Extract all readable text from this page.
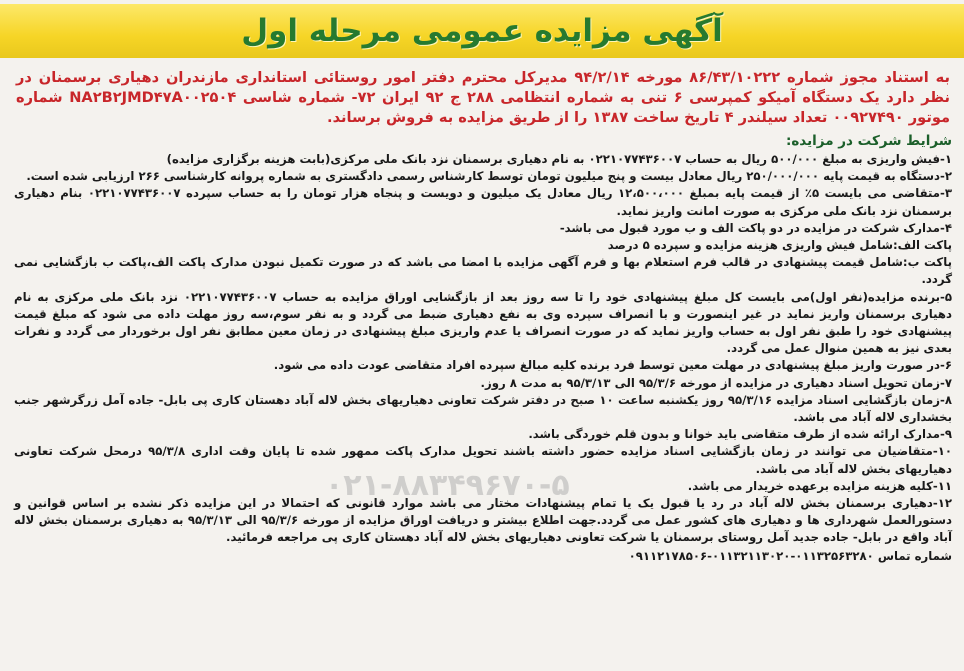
آگهی مزایده عمومی مرحله اول
به استناد مجوز شماره ۸۶/۴۳/۱۰۲۲۲ مورخه ۹۴/۲/۱۴ مدیرکل محترم دفتر امور روستائی استانداری مازندران دهیاری برسمنان در نظر دارد یک دستگاه آمیکو کمپرسی ۶ تنی به شماره انتظامی ۲۸۸ ج ۹۲ ایران ۷۲- شماره شاسی NA۲B۲JMD۴۷A۰۰۲۵۰۴ شماره موتور ۰۰۹۲۷۴۹۰ تعداد سیلندر ۴ تاریخ ساخت ۱۳۸۷ را از طریق مزایده به فروش برساند.
شرایط شرکت در مزایده:

۱-فیش واریزی به مبلغ ۵۰۰/۰۰۰ ریال به حساب ۰۲۲۱۰۷۷۴۳۶۰۰۷ به نام دهیاری برسمنان نزد بانک ملی مرکزی(بابت هزینه برگزاری مزایده)

۲-دستگاه به قیمت پایه ۲۵۰/۰۰۰/۰۰۰ ریال معادل بیست و پنج میلیون تومان توسط کارشناس رسمی دادگستری به شماره پروانه کارشناسی ۲۶۶ ارزیابی شده است.

۳-متقاضی می بایست ۵٪ از قیمت پایه بمبلغ ۱۲،۵۰۰،۰۰۰ ریال معادل یک میلیون و دویست و پنجاه هزار تومان را به حساب سپرده ۰۲۲۱۰۷۷۴۳۶۰۰۷ بنام دهیاری برسمنان نزد بانک ملی مرکزی به صورت امانت واریز نماید.

۴-مدارک شرکت در مزایده در دو پاکت الف و ب مورد قبول می باشد-

پاکت الف:شامل فیش واریزی هزینه مزایده و سپرده ۵ درصد

پاکت ب:شامل قیمت پیشنهادی در قالب فرم استعلام بها و فرم آگهی مزایده با امضا می باشد که در صورت تکمیل نبودن مدارک پاکت الف،پاکت ب بازگشایی نمی گردد.

۵-برنده مزایده(نفر اول)می بایست کل مبلغ پیشنهادی خود را تا سه روز بعد از بازگشایی اوراق مزایده به حساب ۰۲۲۱۰۷۷۴۳۶۰۰۷ نزد بانک ملی مرکزی به نام دهیاری برسمنان واریز نماید در غیر اینصورت و با انصراف سپرده وی به نفع دهیاری ضبط می گردد و به نفر سوم،سه روز مهلت داده می شود که مبلغ قیمت پیشنهادی خود را طبق نفر اول به حساب واریز نماید که در صورت انصراف یا عدم واریزی مبلغ پیشنهادی در زمان معین مطابق نفر اول برخوردار می گردد و نفرات بعدی نیز به همین منوال عمل می گردد.

۶-در صورت واریز مبلغ پیشنهادی در مهلت معین توسط فرد برنده کلیه مبالغ سپرده افراد متقاضی عودت داده می شود.

۷-زمان تحویل اسناد دهیاری در مزایده از مورخه ۹۵/۳/۶ الی ۹۵/۳/۱۳ به مدت ۸ روز.

۸-زمان بازگشایی اسناد مزایده ۹۵/۳/۱۶ روز یکشنبه ساعت ۱۰ صبح در دفتر شرکت تعاونی دهیاریهای بخش لاله آباد دهستان کاری پی بابل- جاده آمل زرگرشهر جنب بخشداری لاله آباد می باشد.

۹-مدارک ارائه شده از طرف متقاضی باید خوانا و بدون قلم خوردگی باشد.

۱۰-متقاضیان می توانند در زمان بازگشایی اسناد مزایده حضور داشته باشند تحویل مدارک پاکت ممهور شده تا پایان وقت اداری ۹۵/۳/۸ درمحل شرکت تعاونی دهیاریهای بخش لاله آباد می باشد.

۱۱-کلیه هزینه مزایده برعهده خریدار می باشد.

۱۲-دهیاری برسمنان بخش لاله آباد در رد یا قبول یک یا تمام پیشنهادات مختار می باشد موارد قانونی که احتمالا در این مزایده ذکر نشده بر اساس قوانین و دستورالعمل شهرداری ها و دهیاری های کشور عمل می گردد.جهت اطلاع بیشتر و دریافت اوراق مزایده از مورخه ۹۵/۳/۶ الی ۹۵/۳/۱۳ به دهیاری برسمنان بخش لاله آباد واقع در بابل- جاده جدید آمل روستای برسمنان یا شرکت تعاونی دهیاریهای بخش لاله آباد دهستان کاری پی مراجعه فرمائید.

شماره تماس ۰۱۱۳۲۵۶۳۲۸۰-۰۱۱۳۲۱۱۳۰۲۰-۰۹۱۱۲۱۷۸۵۰۶
۰۲۱-۸۸۳۴۹۶۷۰-۵
